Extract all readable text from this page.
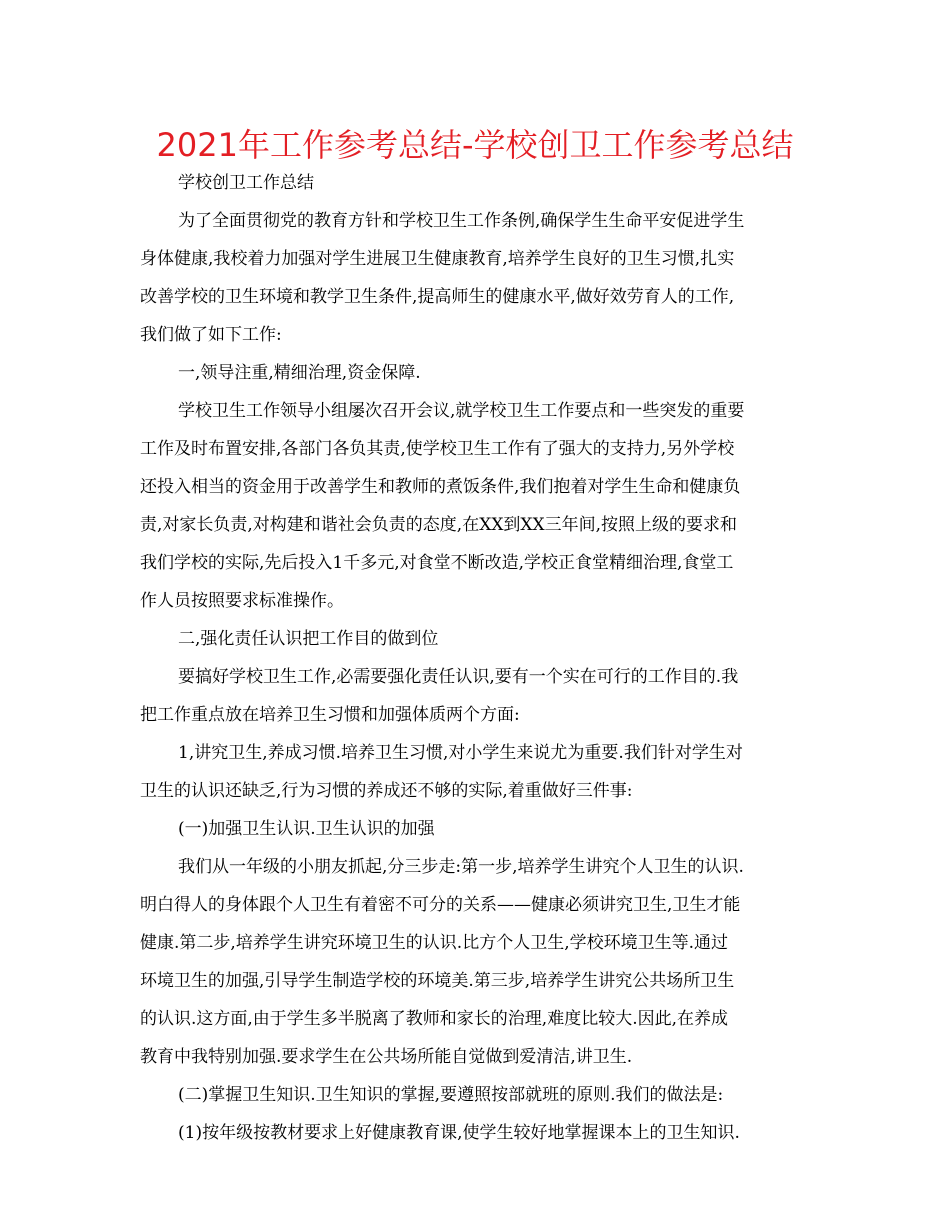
2021年工作参考总结-学校创卫工作参考总结

学校创卫工作总结

为了全面贯彻党的教育方针和学校卫生工作条例,确保学生生命平安促进学生

身体健康,我校着力加强对学生进展卫生健康教育,培养学生良好的卫生习惯,扎实

改善学校的卫生环境和教学卫生条件,提高师生的健康水平,做好效劳育人的工作,

我们做了如下工作:

一,领导注重,精细治理,资金保障.

学校卫生工作领导小组屡次召开会议,就学校卫生工作要点和一些突发的重要

工作及时布置安排,各部门各负其责,使学校卫生工作有了强大的支持力,另外学校

还投入相当的资金用于改善学生和教师的煮饭条件,我们抱着对学生生命和健康负

责,对家长负责,对构建和谐社会负责的态度,在XX到XX三年间,按照上级的要求和

我们学校的实际,先后投入1千多元,对食堂不断改造,学校正食堂精细治理,食堂工

作人员按照要求标准操作。

二,强化责任认识把工作目的做到位

要搞好学校卫生工作,必需要强化责任认识,要有一个实在可行的工作目的.我

把工作重点放在培养卫生习惯和加强体质两个方面:

1,讲究卫生,养成习惯.培养卫生习惯,对小学生来说尤为重要.我们针对学生对

卫生的认识还缺乏,行为习惯的养成还不够的实际,着重做好三件事:

(一)加强卫生认识.卫生认识的加强

我们从一年级的小朋友抓起,分三步走:第一步,培养学生讲究个人卫生的认识.

明白得人的身体跟个人卫生有着密不可分的关系——健康必须讲究卫生,卫生才能

健康.第二步,培养学生讲究环境卫生的认识.比方个人卫生,学校环境卫生等.通过

环境卫生的加强,引导学生制造学校的环境美.第三步,培养学生讲究公共场所卫生

的认识.这方面,由于学生多半脱离了教师和家长的治理,难度比较大.因此,在养成

教育中我特别加强.要求学生在公共场所能自觉做到爱清洁,讲卫生.

(二)掌握卫生知识.卫生知识的掌握,要遵照按部就班的原则.我们的做法是:

(1)按年级按教材要求上好健康教育课,使学生较好地掌握课本上的卫生知识.
